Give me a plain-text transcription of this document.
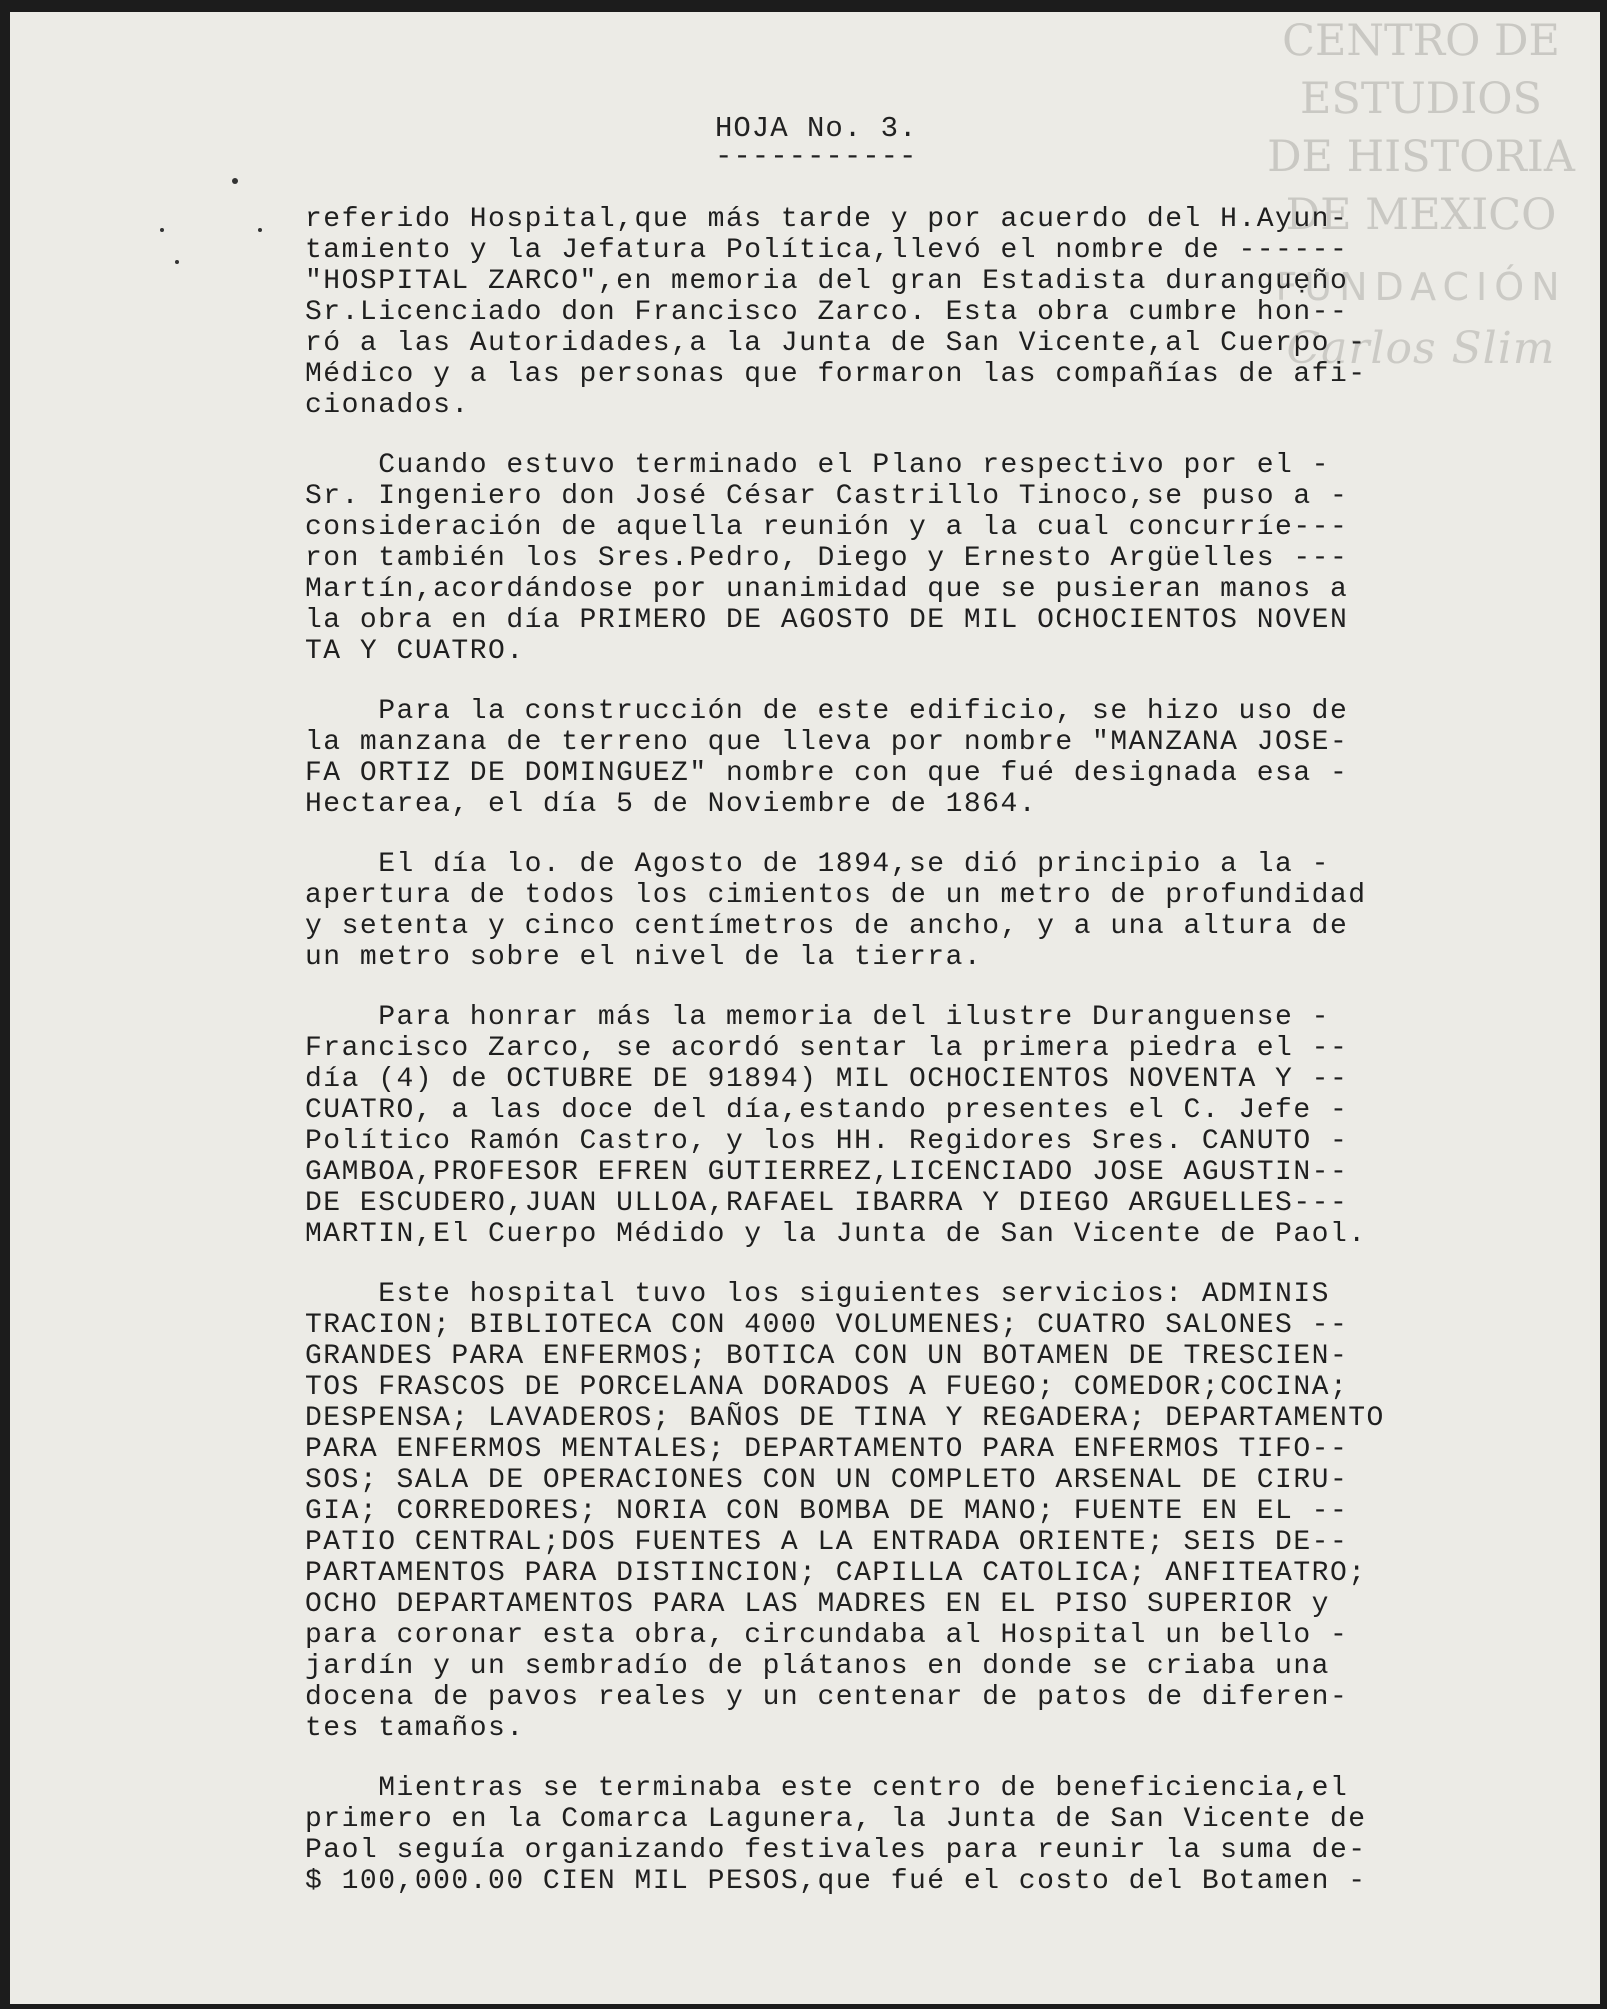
CENTRO DE
ESTUDIOS
DE HISTORIA
DE MEXICO
FUNDACIÓN
Carlos Slim
HOJA No. 3.
-----------
referido Hospital,que más tarde y por acuerdo del H.Ayun-
tamiento y la Jefatura Política,llevó el nombre de ------
"HOSPITAL ZARCO",en memoria del gran Estadista duranguẹño
Sr.Licenciado don Francisco Zarco. Esta obra cumbre hon--
ró a las Autoridades,a la Junta de San Vicente,al Cuerpo -
Médico y a las personas que formaron las compañías de afi-
cionados.
Cuando estuvo terminado el Plano respectivo por el -
Sr. Ingeniero don José César Castrillo Tinoco,se puso a -
consideración de aquella reunión y a la cual concurríe---
ron también los Sres.Pedro, Diego y Ernesto Argüelles ---
Martín,acordándose por unanimidad que se pusieran manos a
la obra en día PRIMERO DE AGOSTO DE MIL OCHOCIENTOS NOVEN
TA Y CUATRO.
Para la construcción de este edificio, se hizo uso de
la manzana de terreno que lleva por nombre "MANZANA JOSE-
FA ORTIZ DE DOMINGUEZ" nombre con que fué designada esa -
Hectarea, el día 5 de Noviembre de 1864.
El día lo. de Agosto de 1894,se dió principio a la -
apertura de todos los cimientos de un metro de profundidad
y setenta y cinco centímetros de ancho, y a una altura de
un metro sobre el nivel de la tierra.
Para honrar más la memoria del ilustre Duranguense -
Francisco Zarco, se acordó sentar la primera piedra el --
día (4) de OCTUBRE DE 91894) MIL OCHOCIENTOS NOVENTA Y --
CUATRO, a las doce del día,estando presentes el C. Jefe -
Político Ramón Castro, y los HH. Regidores Sres. CANUTO -
GAMBOA,PROFESOR EFREN GUTIERREZ,LICENCIADO JOSE AGUSTIN--
DE ESCUDERO,JUAN ULLOA,RAFAEL IBARRA Y DIEGO ARGUELLES---
MARTIN,El Cuerpo Médido y la Junta de San Vicente de Paol.
Este hospital tuvo los siguientes servicios: ADMINIS
TRACION; BIBLIOTECA CON 4000 VOLUMENES; CUATRO SALONES --
GRANDES PARA ENFERMOS; BOTICA CON UN BOTAMEN DE TRESCIEN-
TOS FRASCOS DE PORCELANA DORADOS A FUEGO; COMEDOR;COCINA;
DESPENSA; LAVADEROS; BAÑOS DE TINA Y REGADERA; DEPARTAMENTO
PARA ENFERMOS MENTALES; DEPARTAMENTO PARA ENFERMOS TIFO--
SOS; SALA DE OPERACIONES CON UN COMPLETO ARSENAL DE CIRU-
GIA; CORREDORES; NORIA CON BOMBA DE MANO; FUENTE EN EL --
PATIO CENTRAL;DOS FUENTES A LA ENTRADA ORIENTE; SEIS DE--
PARTAMENTOS PARA DISTINCION; CAPILLA CATOLICA; ANFITEATRO;
OCHO DEPARTAMENTOS PARA LAS MADRES EN EL PISO SUPERIOR y
para coronar esta obra, circundaba al Hospital un bello -
jardín y un sembradío de plátanos en donde se criaba una
docena de pavos reales y un centenar de patos de diferen-
tes tamaños.
Mientras se terminaba este centro de beneficiencia,el
primero en la Comarca Lagunera, la Junta de San Vicente de
Paol seguía organizando festivales para reunir la suma de-
$ 100,000.00 CIEN MIL PESOS,que fué el costo del Botamen -
